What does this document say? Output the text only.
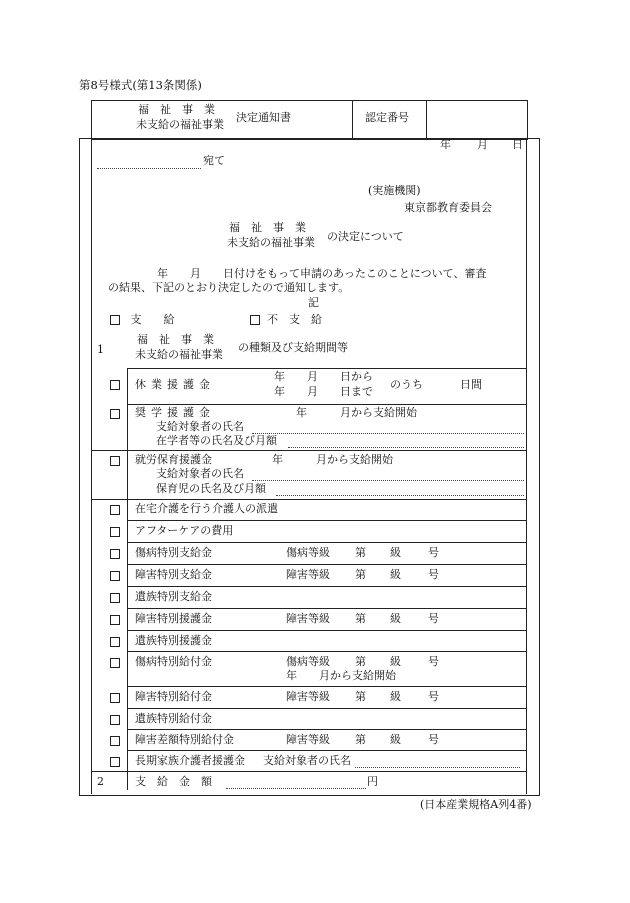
第8号様式(第13条関係)
福　祉　事　業
未支給の福祉事業
決定通知書	認定番号
年 月 日
宛て
(実施機関)
東京都教育委員会
福　祉　事　業
未支給の福祉事業 の決定について
年　　月　　日付けをもって申請のあったこのことについて、審査
の結果、下記のとおり決定したので通知します。
記
支　　給	不　支　給
1
福　祉　事　業
未支給の福祉事業
の種類及び支給期間等
休業援護金
年　　月　　日から
年　　月　　日まで
のうち	日間
奨学援護金	年　　　月から支給開始
支給対象者の氏名
在学者等の氏名及び月額
就労保育援護金	年　　　月から支給開始
支給対象者の氏名
保育児の氏名及び月額
在宅介護を行う介護人の派遣
アフターケアの費用
傷病特別支給金	傷病等級 第 級 号
障害特別支給金	障害等級 第 級 号
遺族特別支給金
障害特別援護金	障害等級 第 級 号
遺族特別援護金
傷病特別給付金	傷病等級 第 級 号
年　　月から支給開始
障害特別給付金	障害等級 第 級 号
遺族特別給付金
障害差額特別給付金	障害等級 第 級 号
長期家族介護者援護金 支給対象者の氏名
2	支　給　金　額	円
(日本産業規格A列4番)
